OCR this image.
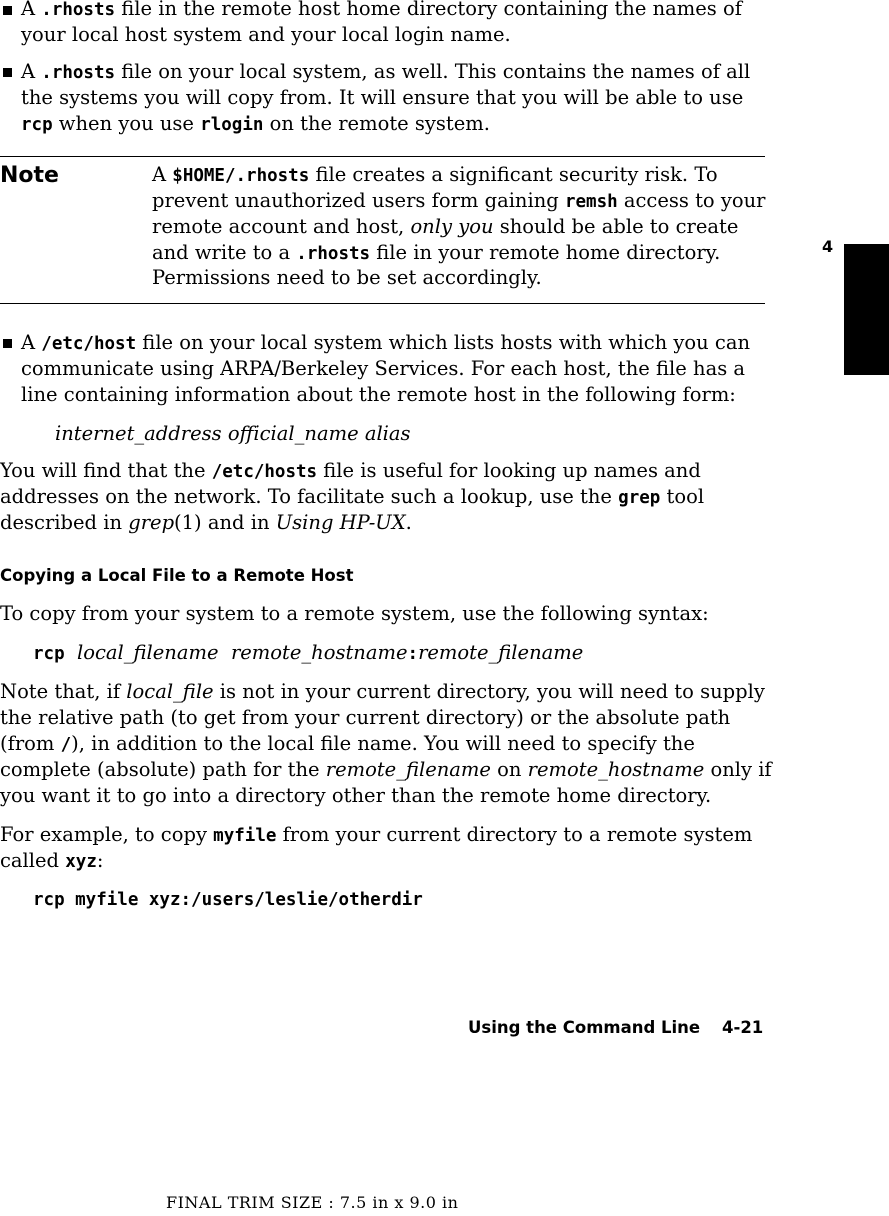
A .rhosts file in the remote host home directory containing the names of
your local host system and your local login name.
A .rhosts file on your local system, as well. This contains the names of all
the systems you will copy from. It will ensure that you will be able to use
rcp when you use rlogin on the remote system.
Note	A $HOME/.rhosts file creates a significant security risk. To
prevent unauthorized users form gaining remsh access to your
remote account and host, only you should be able to create
and write to a .rhosts file in your remote home directory.
Permissions need to be set accordingly.
A /etc/host file on your local system which lists hosts with which you can
communicate using ARPA/Berkeley Services. For each host, the file has a
line containing information about the remote host in the following form:
internet_address official_name alias
You will find that the /etc/hosts file is useful for looking up names and
addresses on the network. To facilitate such a lookup, use the grep tool
described in grep(1) and in Using HP-UX.
Copying a Local File to a Remote Host
To copy from your system to a remote system, use the following syntax:
rcp local_filename remote_hostname:remote_filename
Note that, if local_file is not in your current directory, you will need to supply
the relative path (to get from your current directory) or the absolute path
(from /), in addition to the local file name. You will need to specify the
complete (absolute) path for the remote_filename on remote_hostname only if
you want it to go into a directory other than the remote home directory.
For example, to copy myfile from your current directory to a remote system
called xyz:
rcp myfile xyz:/users/leslie/otherdir
Using the Command Line 4-21
4
FINAL TRIM SIZE : 7.5 in x 9.0 in
